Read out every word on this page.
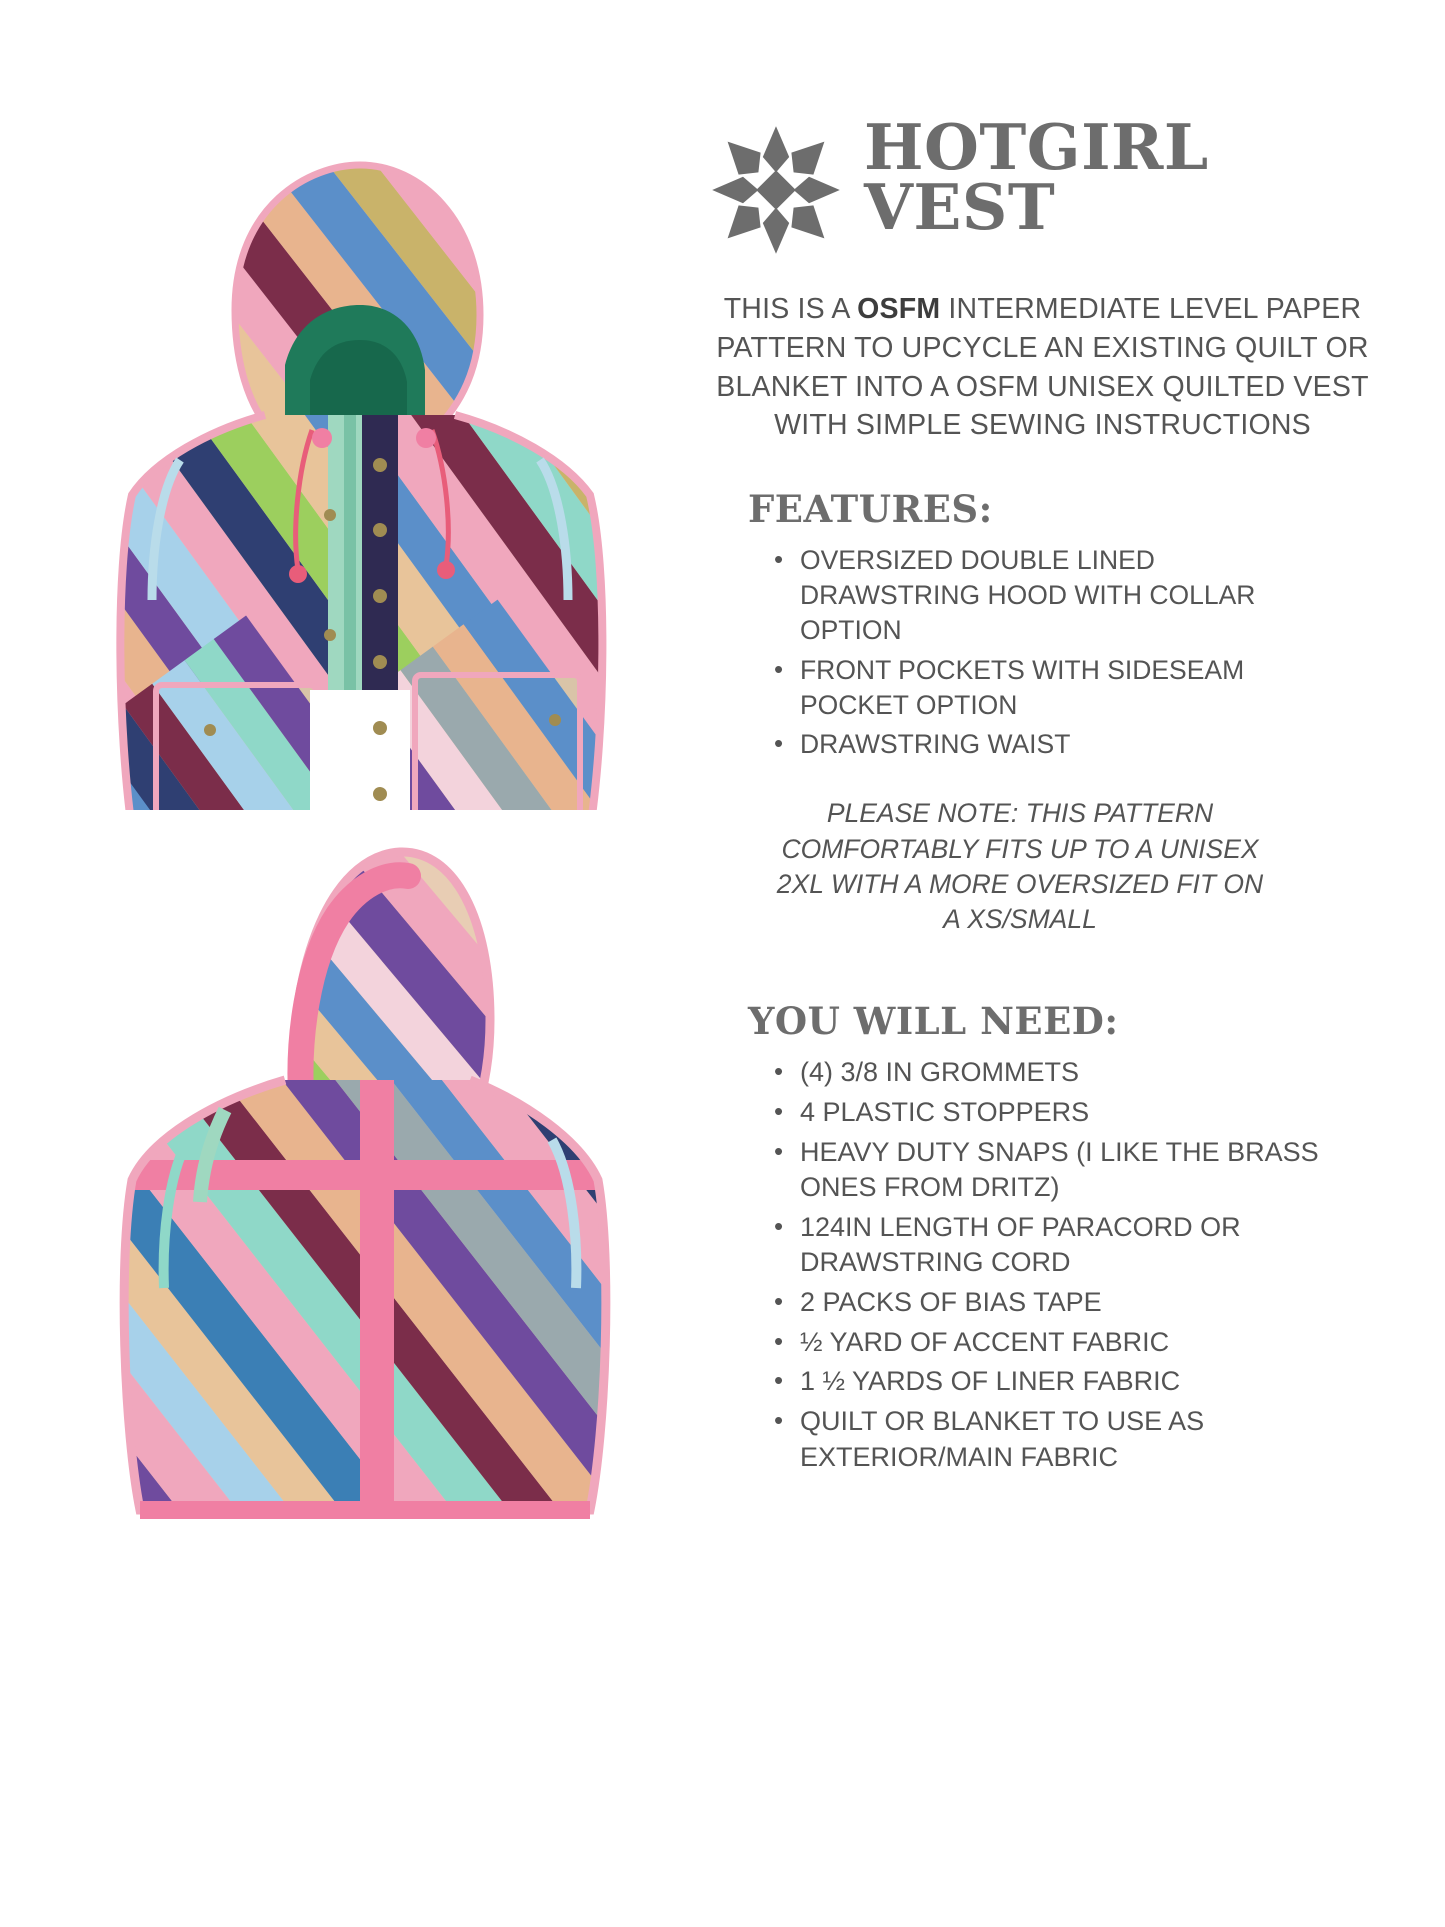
HOTGIRL
VEST

THIS IS A OSFM INTERMEDIATE LEVEL PAPER PATTERN TO UPCYCLE AN EXISTING QUILT OR BLANKET INTO A OSFM UNISEX QUILTED VEST WITH SIMPLE SEWING INSTRUCTIONS

FEATURES:
• OVERSIZED DOUBLE LINED DRAWSTRING HOOD WITH COLLAR OPTION
• FRONT POCKETS WITH SIDESEAM POCKET OPTION
• DRAWSTRING WAIST

PLEASE NOTE: THIS PATTERN COMFORTABLY FITS UP TO A UNISEX 2XL WITH A MORE OVERSIZED FIT ON A XS/SMALL

YOU WILL NEED:
• (4) 3/8 IN GROMMETS
• 4 PLASTIC STOPPERS
• HEAVY DUTY SNAPS (I LIKE THE BRASS ONES FROM DRITZ)
• 124IN LENGTH OF PARACORD OR DRAWSTRING CORD
• 2 PACKS OF BIAS TAPE
• ½ YARD OF ACCENT FABRIC
• 1 ½ YARDS OF LINER FABRIC
• QUILT OR BLANKET TO USE AS EXTERIOR/MAIN FABRIC
